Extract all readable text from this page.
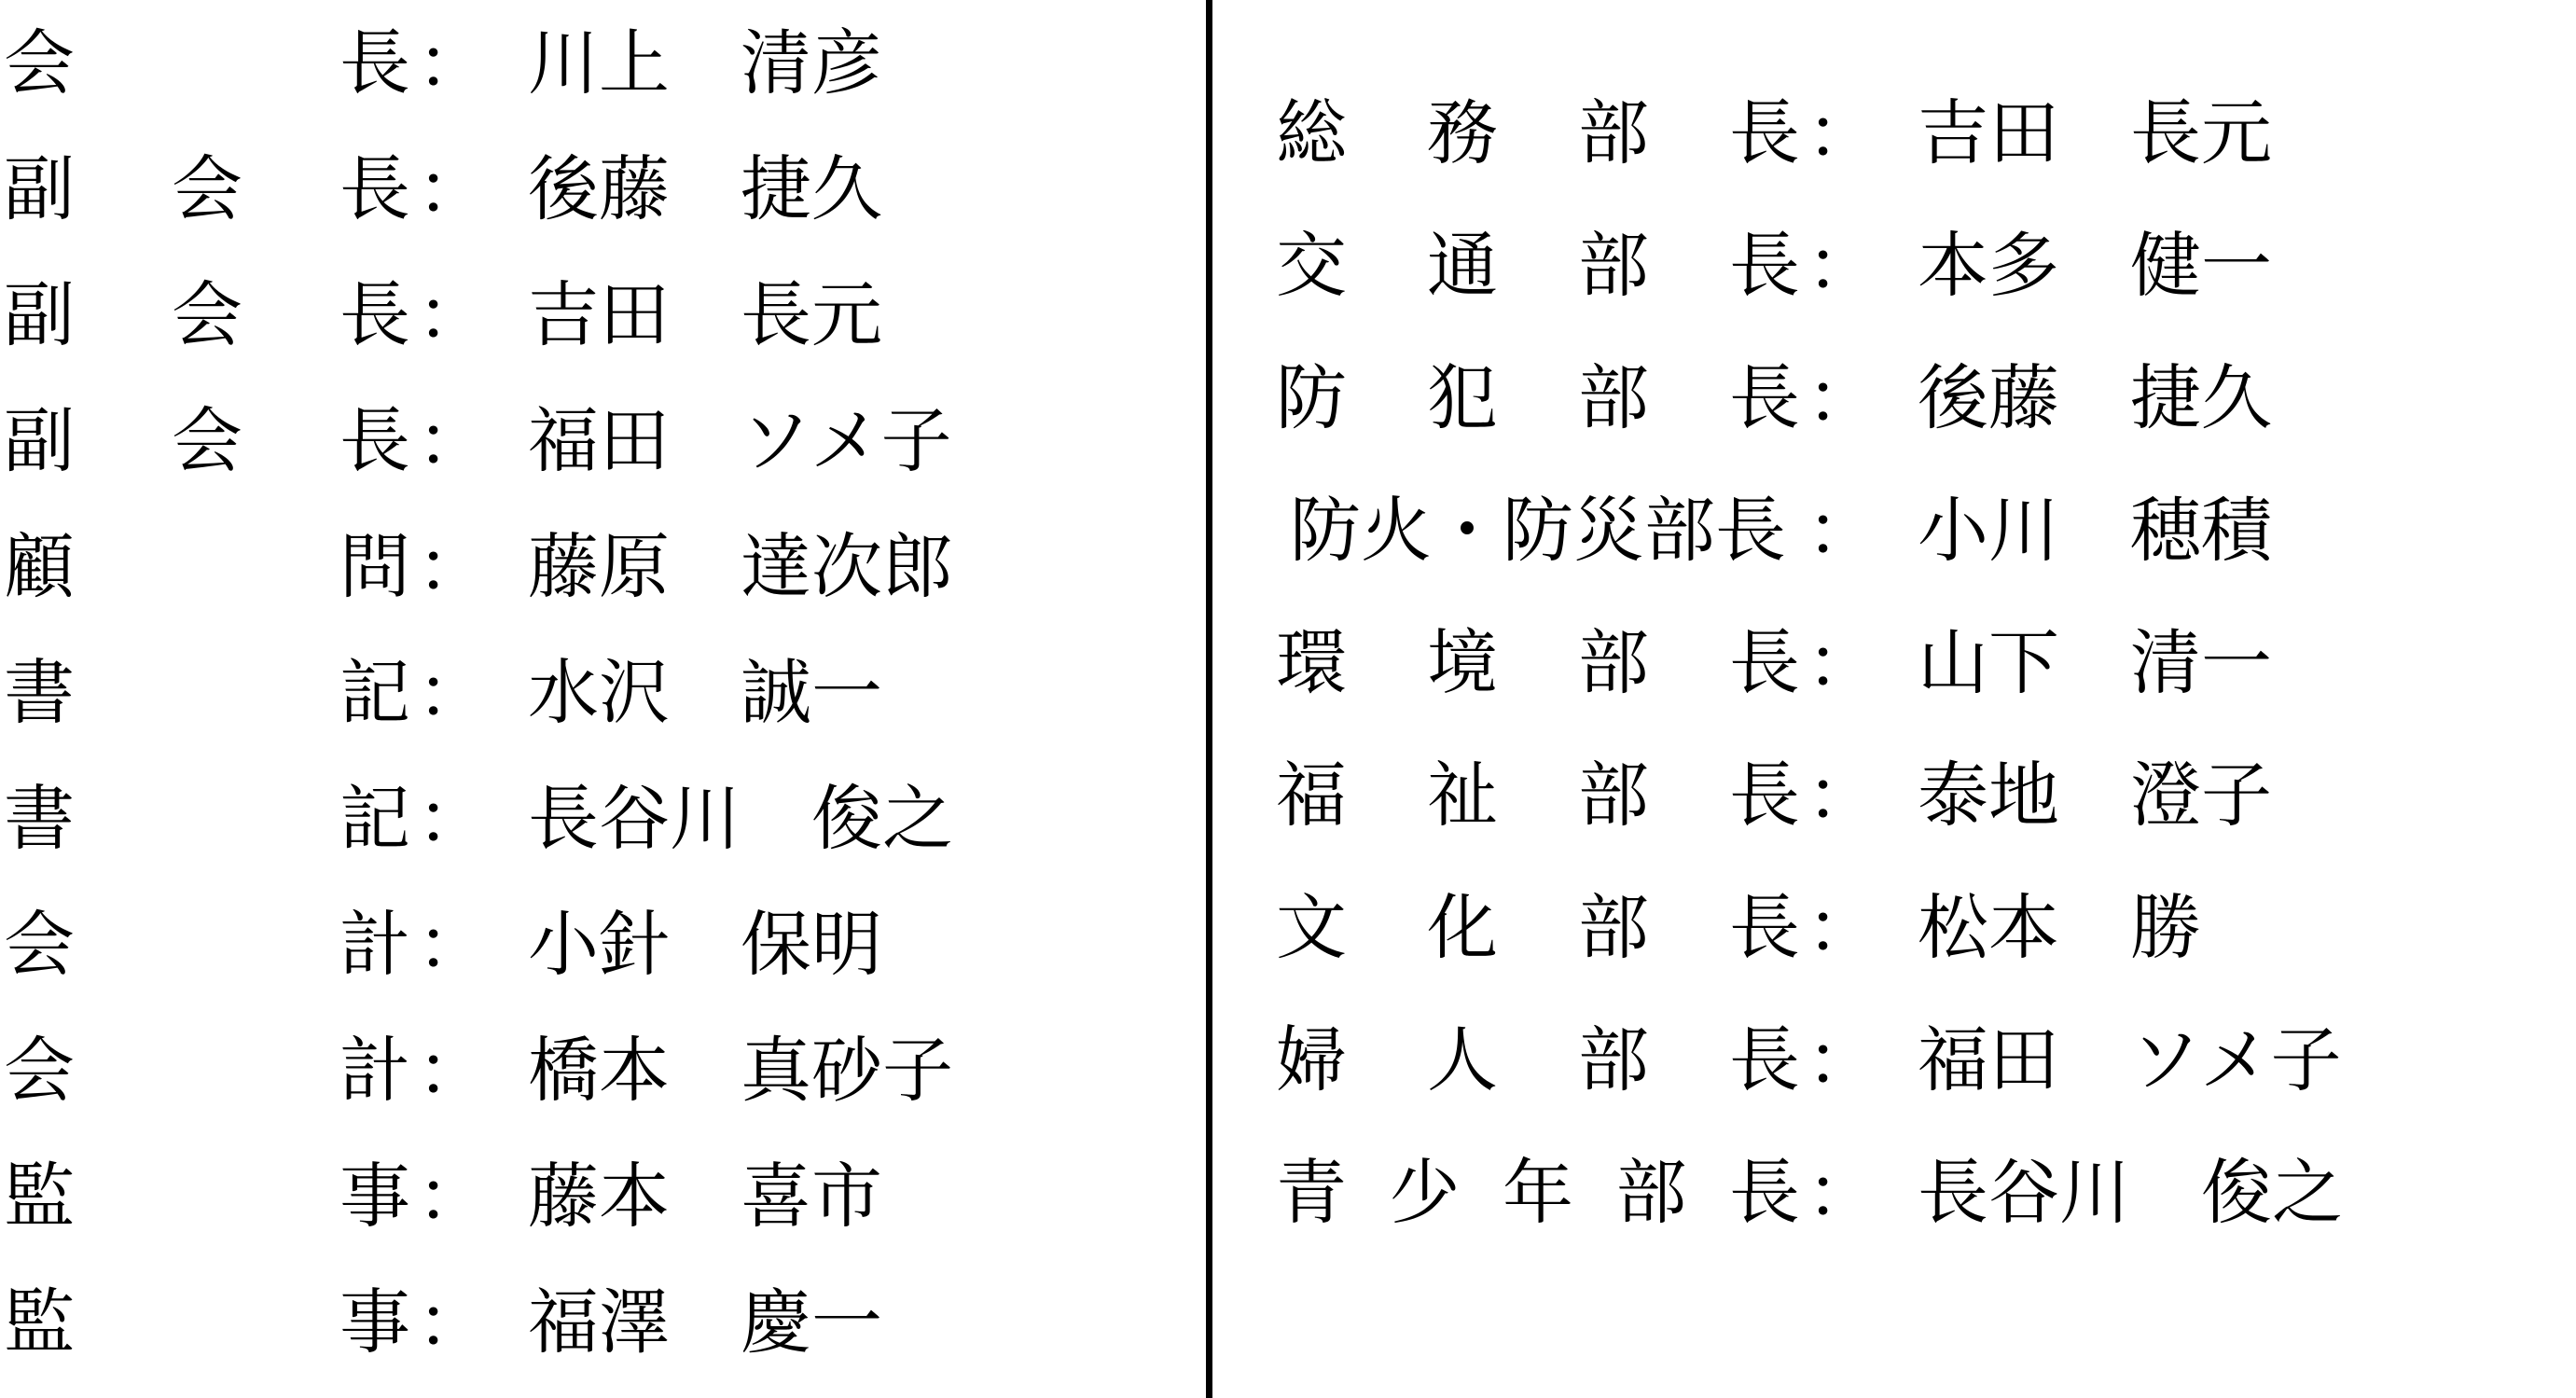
会長 ： 川上　清彦
副会長 ： 後藤　捷久
副会長 ： 吉田　長元
副会長 ： 福田　ソメ子
顧問 ： 藤原　達次郎
書記 ： 水沢　誠一
書記 ： 長谷川　俊之
会計 ： 小針　保明
会計 ： 橋本　真砂子
監事 ： 藤本　喜市
監事 ： 福澤　慶一
総務部長 ： 吉田　長元
交通部長 ： 本多　健一
防犯部長 ： 後藤　捷久
防火・防災部長 ： 小川　穂積
環境部長 ： 山下　清一
福祉部長 ： 泰地　澄子
文化部長 ： 松本　勝
婦人部長 ： 福田　ソメ子
青少年部長 ： 長谷川　俊之
